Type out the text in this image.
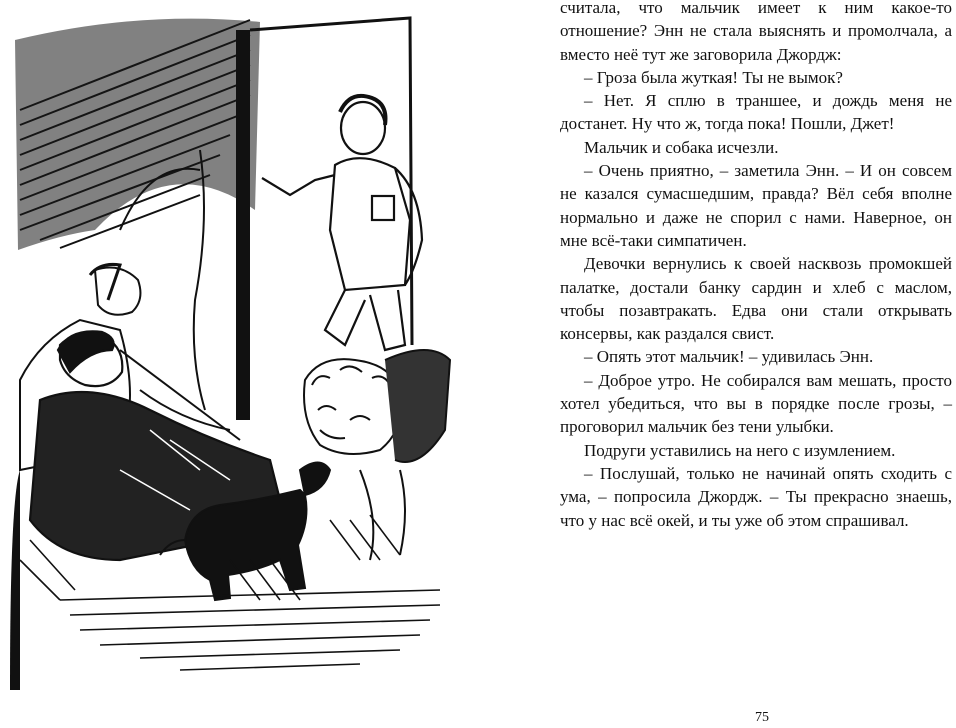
считала, что мальчик имеет к ним какое-то отношение? Энн не стала выяснять и промолчала, а вместо неё тут же заговорила Джордж:

– Гроза была жуткая! Ты не вымок?

– Нет. Я сплю в траншее, и дождь меня не достанет. Ну что ж, тогда пока! Пошли, Джет!

Мальчик и собака исчезли.

– Очень приятно, – заметила Энн. – И он совсем не казался сумасшедшим, правда? Вёл себя вполне нормально и даже не спорил с нами. Наверное, он мне всё-таки симпатичен.

Девочки вернулись к своей насквозь промокшей палатке, достали банку сардин и хлеб с маслом, чтобы позавтракать. Едва они стали открывать консервы, как раздался свист.

– Опять этот мальчик! – удивилась Энн.

– Доброе утро. Не собирался вам мешать, просто хотел убедиться, что вы в порядке после грозы, – проговорил мальчик без тени улыбки.

Подруги уставились на него с изумлением.

– Послушай, только не начинай опять сходить с ума, – попросила Джордж. – Ты прекрасно знаешь, что у нас всё окей, и ты уже об этом спрашивал.

75
